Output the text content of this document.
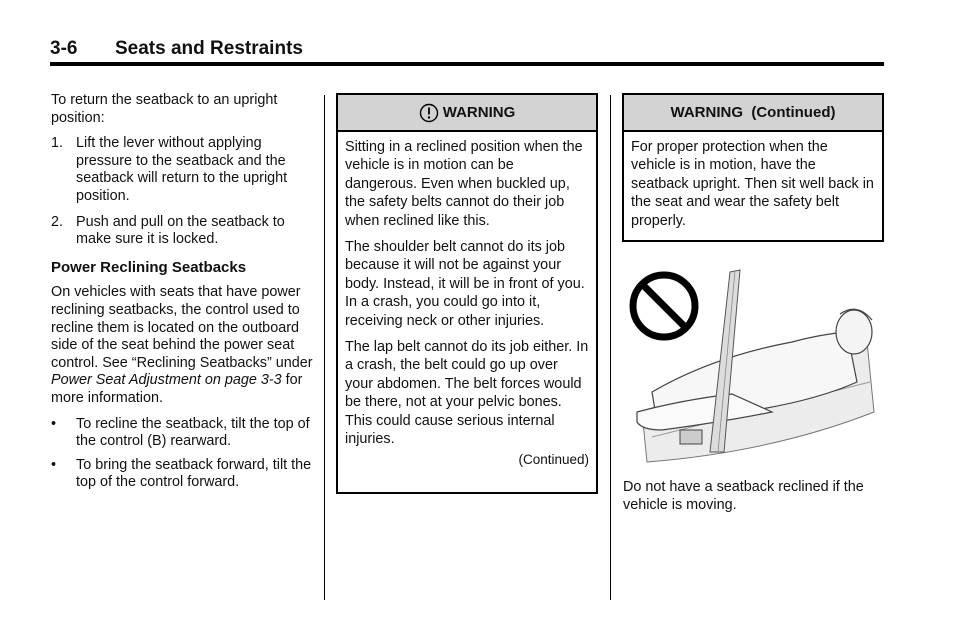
3-6 Seats and Restraints

To return the seatback to an upright position:

1. Lift the lever without applying pressure to the seatback and the seatback will return to the upright position.
2. Push and pull on the seatback to make sure it is locked.

Power Reclining Seatbacks

On vehicles with seats that have power reclining seatbacks, the control used to recline them is located on the outboard side of the seat behind the power seat control. See “Reclining Seatbacks” under Power Seat Adjustment on page 3-3 for more information.

• To recline the seatback, tilt the top of the control (B) rearward.
• To bring the seatback forward, tilt the top of the control forward.
WARNING

Sitting in a reclined position when the vehicle is in motion can be dangerous. Even when buckled up, the safety belts cannot do their job when reclined like this.

The shoulder belt cannot do its job because it will not be against your body. Instead, it will be in front of you. In a crash, you could go into it, receiving neck or other injuries.

The lap belt cannot do its job either. In a crash, the belt could go up over your abdomen. The belt forces would be there, not at your pelvic bones. This could cause serious internal injuries.

(Continued)
WARNING  (Continued)

For proper protection when the vehicle is in motion, have the seatback upright. Then sit well back in the seat and wear the safety belt properly.

Do not have a seatback reclined if the vehicle is moving.
